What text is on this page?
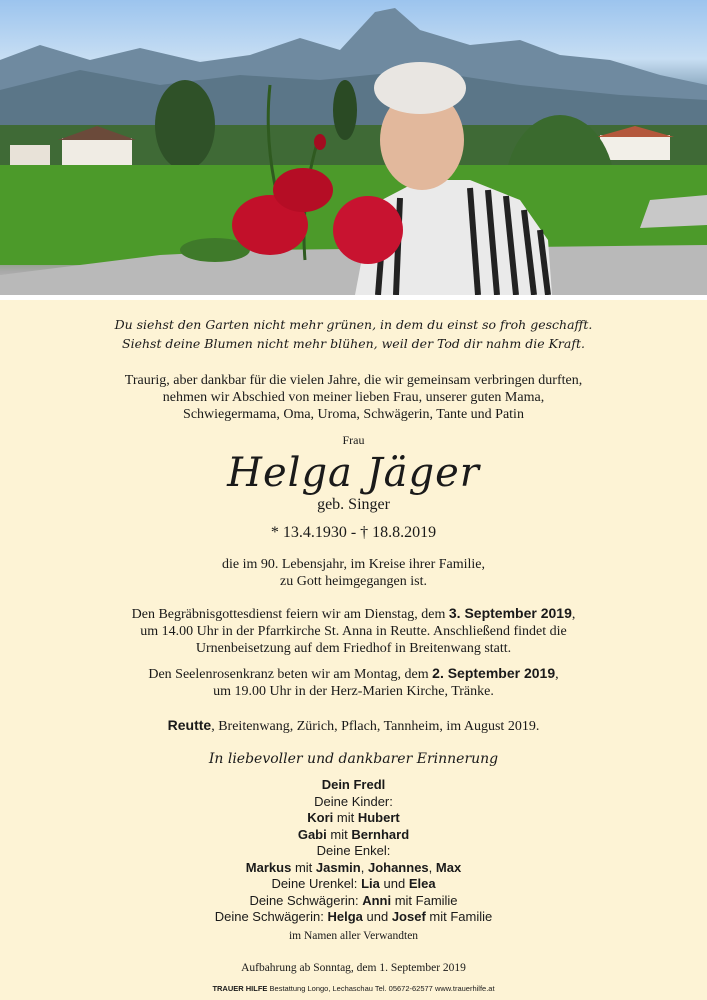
Du siehst den Garten nicht mehr grünen, in dem du einst so froh geschafft.
Siehst deine Blumen nicht mehr blühen, weil der Tod dir nahm die Kraft.
Traurig, aber dankbar für die vielen Jahre, die wir gemeinsam verbringen durften,
nehmen wir Abschied von meiner lieben Frau, unserer guten Mama,
Schwiegermama, Oma, Uroma, Schwägerin, Tante und Patin
Frau
Helga Jäger
geb. Singer
* 13.4.1930 - † 18.8.2019
die im 90. Lebensjahr, im Kreise ihrer Familie,
zu Gott heimgegangen ist.
Den Begräbnisgottesdienst feiern wir am Dienstag, dem 3. September 2019,
um 14.00 Uhr in der Pfarrkirche St. Anna in Reutte. Anschließend findet die
Urnenbeisetzung auf dem Friedhof in Breitenwang statt.
Den Seelenrosenkranz beten wir am Montag, dem 2. September 2019,
um 19.00 Uhr in der Herz-Marien Kirche, Tränke.
Reutte, Breitenwang, Zürich, Pflach, Tannheim, im August 2019.
In liebevoller und dankbarer Erinnerung
Dein Fredl
Deine Kinder:
Kori mit Hubert
Gabi mit Bernhard
Deine Enkel:
Markus mit Jasmin, Johannes, Max
Deine Urenkel: Lia und Elea
Deine Schwägerin: Anni mit Familie
Deine Schwägerin: Helga und Josef mit Familie
im Namen aller Verwandten
Aufbahrung ab Sonntag, dem 1. September 2019
TRAUER HILFE Bestattung Longo, Lechaschau Tel. 05672-62577 www.trauerhilfe.at
